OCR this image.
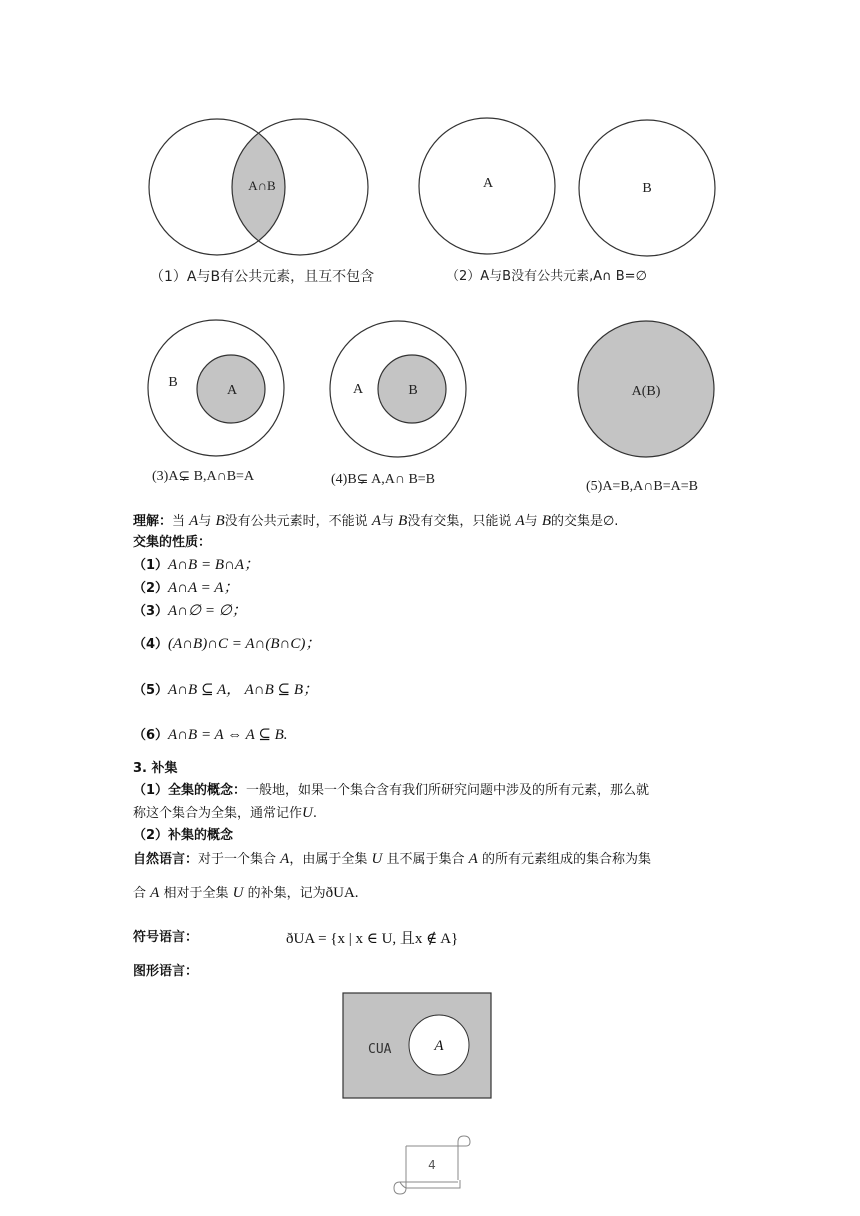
A∩B
（1）A与B有公共元素，且互不包含
A	B
（2）A与B没有公共元素,A∩ B=∅
B
A
(3)A⊊ B,A∩B=A
A	B
(4)B⊊ A,A∩ B=B
A(B)
(5)A=B,A∩B=A=B
理解：当 A与 B没有公共元素时，不能说 A与 B没有交集，只能说 A与 B的交集是∅.
交集的性质：
（1）A∩B = B∩A；
（2）A∩A = A；
（3）A∩∅ = ∅；
（4）(A∩B)∩C = A∩(B∩C)；
（5）A∩B ⊆ A， A∩B ⊆ B；
（6）A∩B = A ⇔ A ⊆ B.
3. 补集
（1）全集的概念：一般地，如果一个集合含有我们所研究问题中涉及的所有元素，那么就
称这个集合为全集，通常记作U.
（2）补集的概念
自然语言：对于一个集合 A，由属于全集 U 且不属于集合 A 的所有元素组成的集合称为集
合 A 相对于全集 U 的补集，记为ðUA.
符号语言：	ðUA = {x | x ∈ U, 且x ∉ A}
图形语言：
CUA	A
4
